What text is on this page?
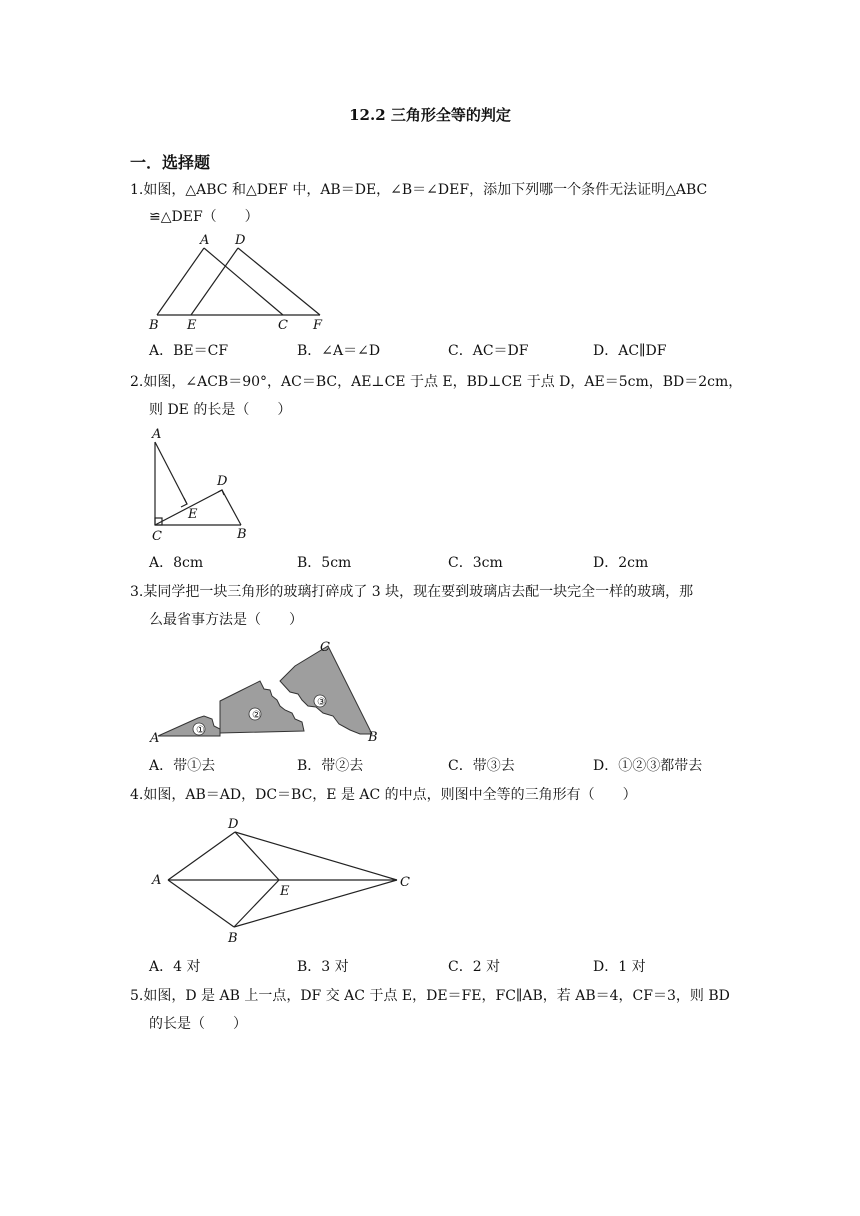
12.2 三角形全等的判定
一．选择题
1.如图，△ABC 和△DEF 中，AB＝DE，∠B＝∠DEF，添加下列哪一个条件无法证明△ABC
≌△DEF（　　）
A D
B E	C F
A．BE＝CF	B．∠A＝∠D	C．AC＝DF	D．AC∥DF
2.如图，∠ACB＝90°，AC＝BC，AE⊥CE 于点 E，BD⊥CE 于点 D，AE＝5cm，BD＝2cm，
则 DE 的长是（　　）
A
D
E
C	B
A．8cm	B．5cm	C．3cm	D．2cm
3.某同学把一块三角形的玻璃打碎成了 3 块，现在要到玻璃店去配一块完全一样的玻璃，那
么最省事方法是（　　）
①
②
③
C
A	B
A．带①去	B．带②去	C．带③去	D．①②③都带去
4.如图，AB＝AD，DC＝BC，E 是 AC 的中点，则图中全等的三角形有（　　）
D
A
E
C
B
A．4 对	B．3 对	C．2 对	D．1 对
5.如图，D 是 AB 上一点，DF 交 AC 于点 E，DE＝FE，FC∥AB，若 AB＝4，CF＝3，则 BD
的长是（　　）
